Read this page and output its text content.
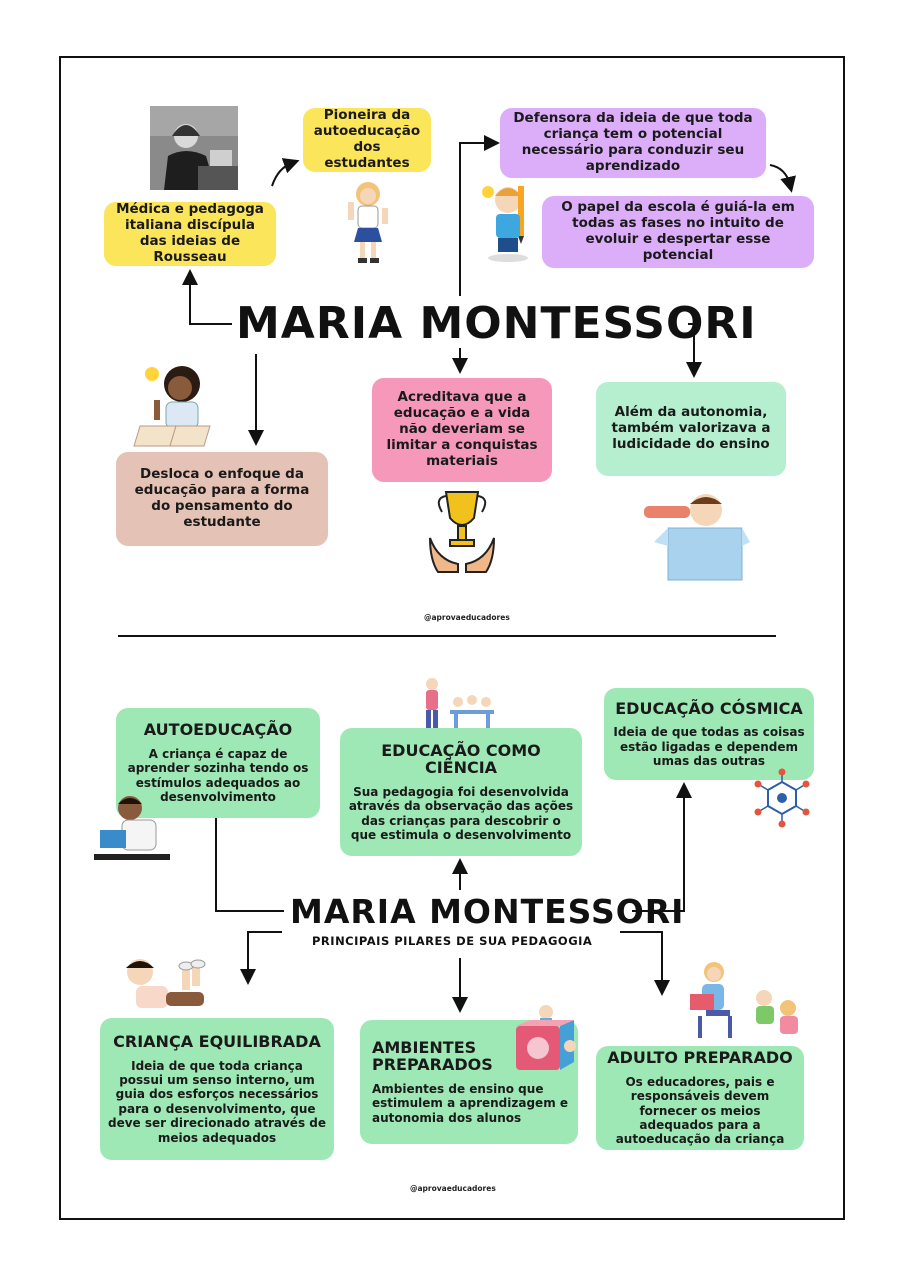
MARIA MONTESSORI
Médica e pedagoga italiana discípula das ideias de Rousseau
Pioneira da autoeducação dos estudantes
Defensora da ideia de que toda criança tem o potencial necessário para conduzir seu aprendizado
O papel da escola é guiá-la em todas as fases no intuito de evoluir e despertar esse potencial
Acreditava que a educação e a vida não deveriam se limitar a conquistas materiais
Além da autonomia, também valorizava a ludicidade do ensino
Desloca o enfoque da educação para a forma do pensamento do estudante
@aprovaeducadores
AUTOEDUCAÇÃO
A criança é capaz de aprender sozinha tendo os estímulos adequados ao desenvolvimento
EDUCAÇÃO COMO CIÊNCIA
Sua pedagogia foi desenvolvida através da observação das ações das crianças para descobrir o que estimula o desenvolvimento
EDUCAÇÃO CÓSMICA
Ideia de que todas as coisas estão ligadas e dependem umas das outras
MARIA MONTESSORI
PRINCIPAIS PILARES DE SUA PEDAGOGIA
CRIANÇA EQUILIBRADA
Ideia de que toda criança possui um senso interno, um guia dos esforços necessários para o desenvolvimento, que deve ser direcionado através de meios adequados
AMBIENTES PREPARADOS
Ambientes de ensino que estimulem a aprendizagem e autonomia dos alunos
ADULTO PREPARADO
Os educadores, pais e responsáveis devem fornecer os meios adequados para a autoeducação da criança
@aprovaeducadores
